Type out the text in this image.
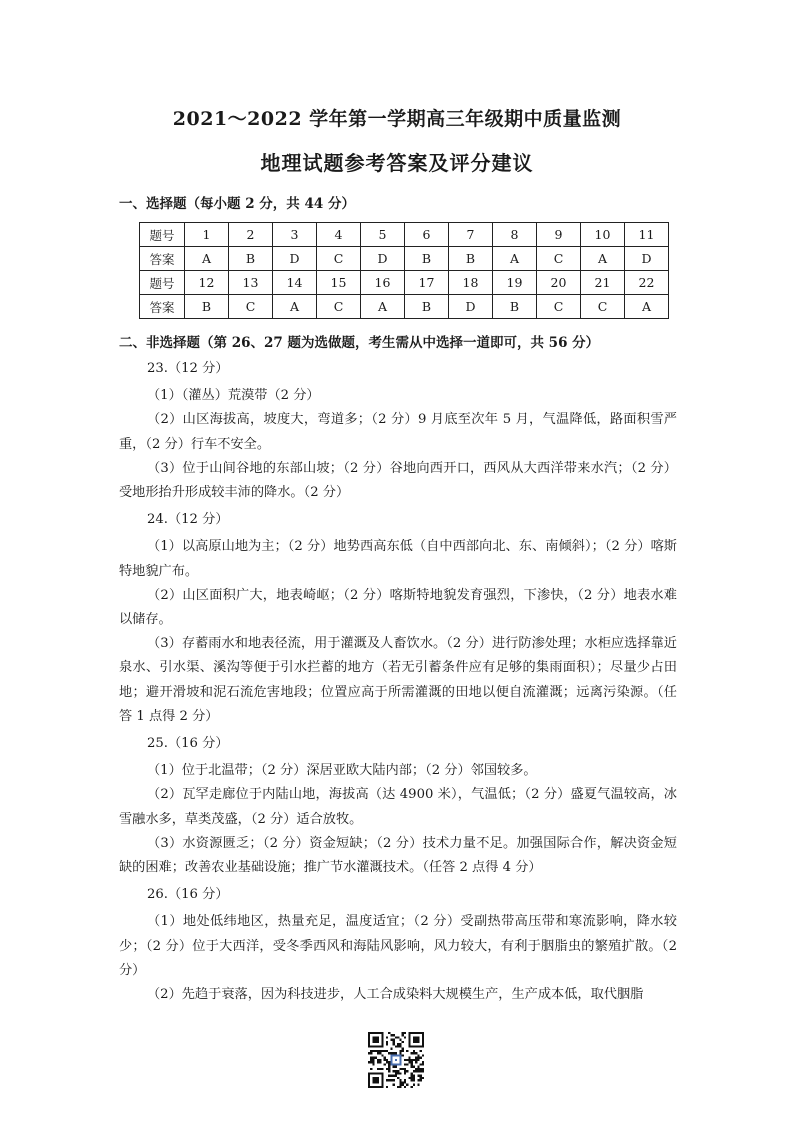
2021～2022 学年第一学期高三年级期中质量监测
地理试题参考答案及评分建议
一、选择题（每小题 2 分，共 44 分）
题号	1	2	3	4	5	6	7	8	9	10	11
答案	A	B	D	C	D	B	B	A	C	A	D
题号	12	13	14	15	16	17	18	19	20	21	22
答案	B	C	A	C	A	B	D	B	C	C	A
二、非选择题（第 26、27 题为选做题，考生需从中选择一道即可，共 56 分）

23.（12 分）

（1）（灌丛）荒漠带（2 分）

（2）山区海拔高，坡度大，弯道多；（2 分）9 月底至次年 5 月，气温降低，路面积雪严重，（2 分）行车不安全。

（3）位于山间谷地的东部山坡；（2 分）谷地向西开口，西风从大西洋带来水汽；（2 分）受地形抬升形成较丰沛的降水。（2 分）

24.（12 分）

（1）以高原山地为主；（2 分）地势西高东低（自中西部向北、东、南倾斜）；（2 分）喀斯特地貌广布。

（2）山区面积广大，地表崎岖；（2 分）喀斯特地貌发育强烈，下渗快，（2 分）地表水难以储存。

（3）存蓄雨水和地表径流，用于灌溉及人畜饮水。（2 分）进行防渗处理；水柜应选择靠近泉水、引水渠、溪沟等便于引水拦蓄的地方（若无引蓄条件应有足够的集雨面积）；尽量少占田地；避开滑坡和泥石流危害地段；位置应高于所需灌溉的田地以便自流灌溉；远离污染源。（任答 1 点得 2 分）

25.（16 分）

（1）位于北温带；（2 分）深居亚欧大陆内部；（2 分）邻国较多。

（2）瓦罕走廊位于内陆山地，海拔高（达 4900 米），气温低；（2 分）盛夏气温较高，冰雪融水多，草类茂盛，（2 分）适合放牧。

（3）水资源匮乏；（2 分）资金短缺；（2 分）技术力量不足。加强国际合作，解决资金短缺的困难；改善农业基础设施；推广节水灌溉技术。（任答 2 点得 4 分）

26.（16 分）

（1）地处低纬地区，热量充足，温度适宜；（2 分）受副热带高压带和寒流影响，降水较少；（2 分）位于大西洋，受冬季西风和海陆风影响，风力较大，有利于胭脂虫的繁殖扩散。（2 分）

（2）先趋于衰落，因为科技进步，人工合成染料大规模生产，生产成本低，取代胭脂
